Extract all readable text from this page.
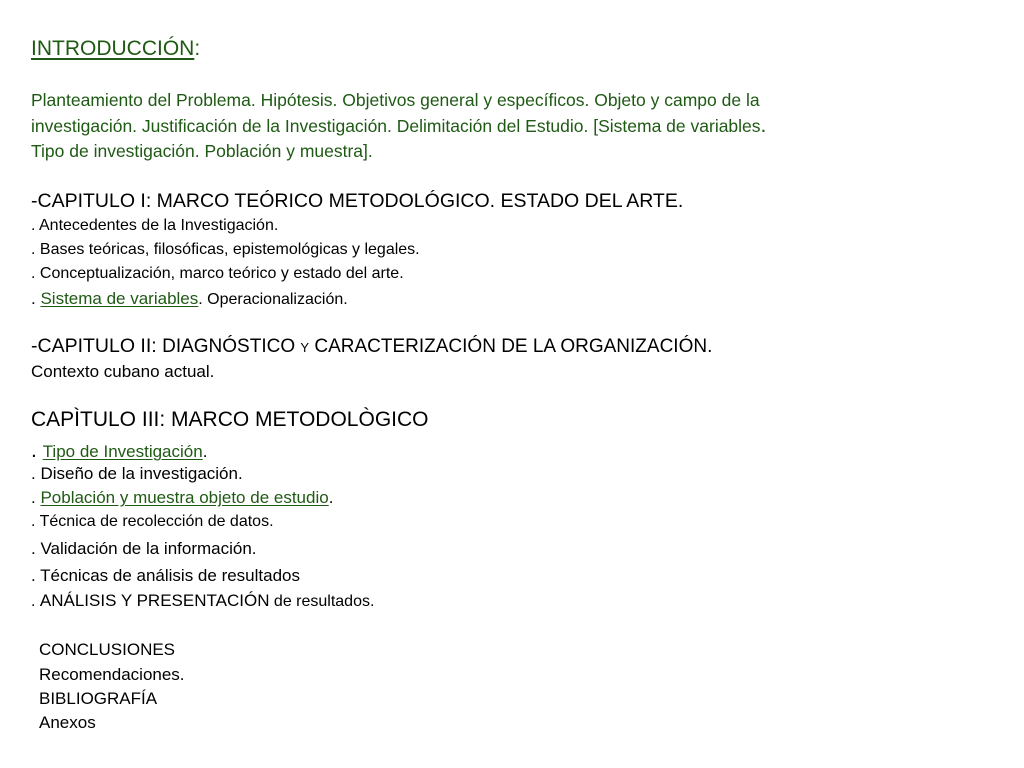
INTRODUCCIÓN:
Planteamiento del Problema. Hipótesis. Objetivos general y específicos. Objeto y campo de la investigación. Justificación de la Investigación. Delimitación del Estudio. [Sistema de variables. Tipo de investigación. Población y muestra].
-CAPITULO I: MARCO TEÓRICO METODOLÓGICO. ESTADO DEL ARTE.
. Antecedentes de la Investigación.
. Bases teóricas, filosóficas, epistemológicas y legales.
. Conceptualización, marco teórico y estado del arte.
. Sistema de variables. Operacionalización.
-CAPITULO II: DIAGNÓSTICO y CARACTERIZACIÓN DE LA ORGANIZACIÓN.
Contexto cubano actual.
CAPÌTULO III: MARCO METODOLÒGICO
. Tipo de Investigación.
. Diseño de la investigación.
. Población y muestra objeto de estudio.
. Técnica de recolección de datos.
. Validación de la información.
. Técnicas de análisis de resultados
. ANÁLISIS Y PRESENTACIÓN de resultados.
CONCLUSIONES
Recomendaciones.
BIBLIOGRAFÍA
Anexos
